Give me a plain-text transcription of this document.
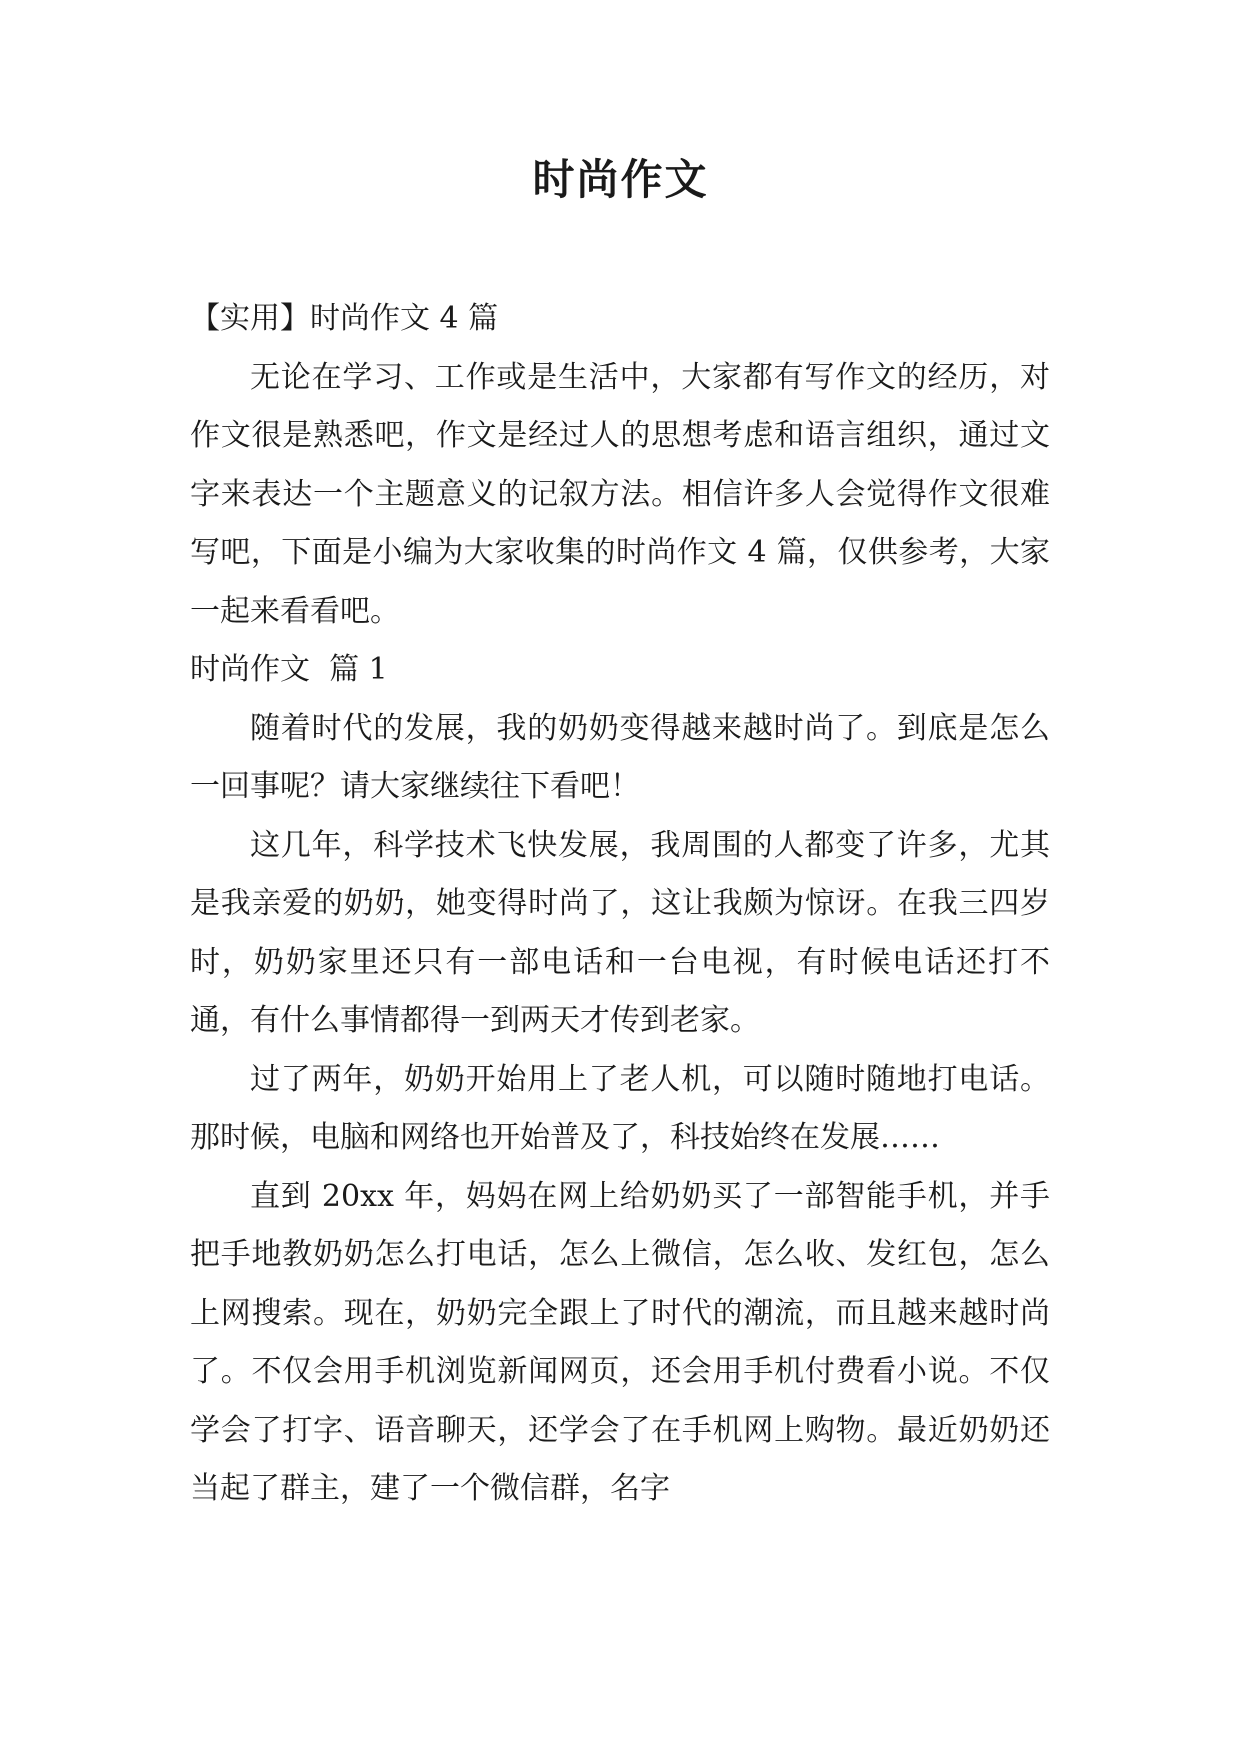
时尚作文

【实用】时尚作文 4 篇

无论在学习、工作或是生活中，大家都有写作文的经历，对作文很是熟悉吧，作文是经过人的思想考虑和语言组织，通过文字来表达一个主题意义的记叙方法。相信许多人会觉得作文很难写吧，下面是小编为大家收集的时尚作文 4 篇，仅供参考，大家一起来看看吧。

时尚作文  篇 1

随着时代的发展，我的奶奶变得越来越时尚了。到底是怎么一回事呢？请大家继续往下看吧！

这几年，科学技术飞快发展，我周围的人都变了许多，尤其是我亲爱的奶奶，她变得时尚了，这让我颇为惊讶。在我三四岁时，奶奶家里还只有一部电话和一台电视，有时候电话还打不通，有什么事情都得一到两天才传到老家。

过了两年，奶奶开始用上了老人机，可以随时随地打电话。那时候，电脑和网络也开始普及了，科技始终在发展……

直到 20xx 年，妈妈在网上给奶奶买了一部智能手机，并手把手地教奶奶怎么打电话，怎么上微信，怎么收、发红包，怎么上网搜索。现在，奶奶完全跟上了时代的潮流，而且越来越时尚了。不仅会用手机浏览新闻网页，还会用手机付费看小说。不仅学会了打字、语音聊天，还学会了在手机网上购物。最近奶奶还当起了群主，建了一个微信群，名字
